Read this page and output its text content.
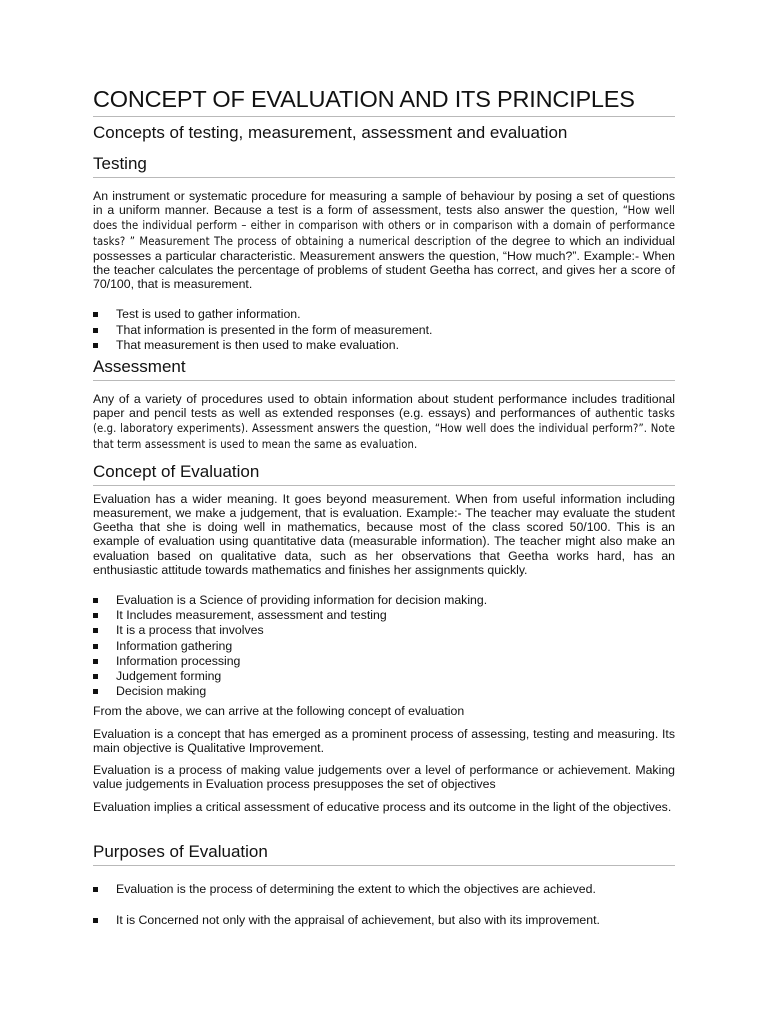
CONCEPT OF EVALUATION AND ITS PRINCIPLES
Concepts of testing, measurement, assessment and evaluation
Testing

An instrument or systematic procedure for measuring a sample of behaviour by posing a set of questions in a uniform manner. Because a test is a form of assessment, tests also answer the question, “How well does the individual perform – either in comparison with others or in comparison with a domain of performance tasks? ” Measurement The process of obtaining a numerical description of the degree to which an individual possesses a particular characteristic. Measurement answers the question, “How much?”. Example:- When the teacher calculates the percentage of problems of student Geetha has correct, and gives her a score of 70/100, that is measurement.

Test is used to gather information.
That information is presented in the form of measurement.
That measurement is then used to make evaluation.
Assessment

Any of a variety of procedures used to obtain information about student performance includes traditional paper and pencil tests as well as extended responses (e.g. essays) and performances of authentic tasks (e.g. laboratory experiments). Assessment answers the question, “How well does the individual perform?”. Note that term assessment is used to mean the same as evaluation.

Concept of Evaluation

Evaluation has a wider meaning. It goes beyond measurement. When from useful information including measurement, we make a judgement, that is evaluation. Example:- The teacher may evaluate the student Geetha that she is doing well in mathematics, because most of the class scored 50/100. This is an example of evaluation using quantitative data (measurable information). The teacher might also make an evaluation based on qualitative data, such as her observations that Geetha works hard, has an enthusiastic attitude towards mathematics and finishes her assignments quickly.

Evaluation is a Science of providing information for decision making.
It Includes measurement, assessment and testing
It is a process that involves
Information gathering
Information processing
Judgement forming
Decision making

From the above, we can arrive at the following concept of evaluation

Evaluation is a concept that has emerged as a prominent process of assessing, testing and measuring. Its main objective is Qualitative Improvement.

Evaluation is a process of making value judgements over a level of performance or achievement. Making value judgements in Evaluation process presupposes the set of objectives

Evaluation implies a critical assessment of educative process and its outcome in the light of the objectives.

Purposes of Evaluation
Evaluation is the process of determining the extent to which the objectives are achieved.
It is Concerned not only with the appraisal of achievement, but also with its improvement.
